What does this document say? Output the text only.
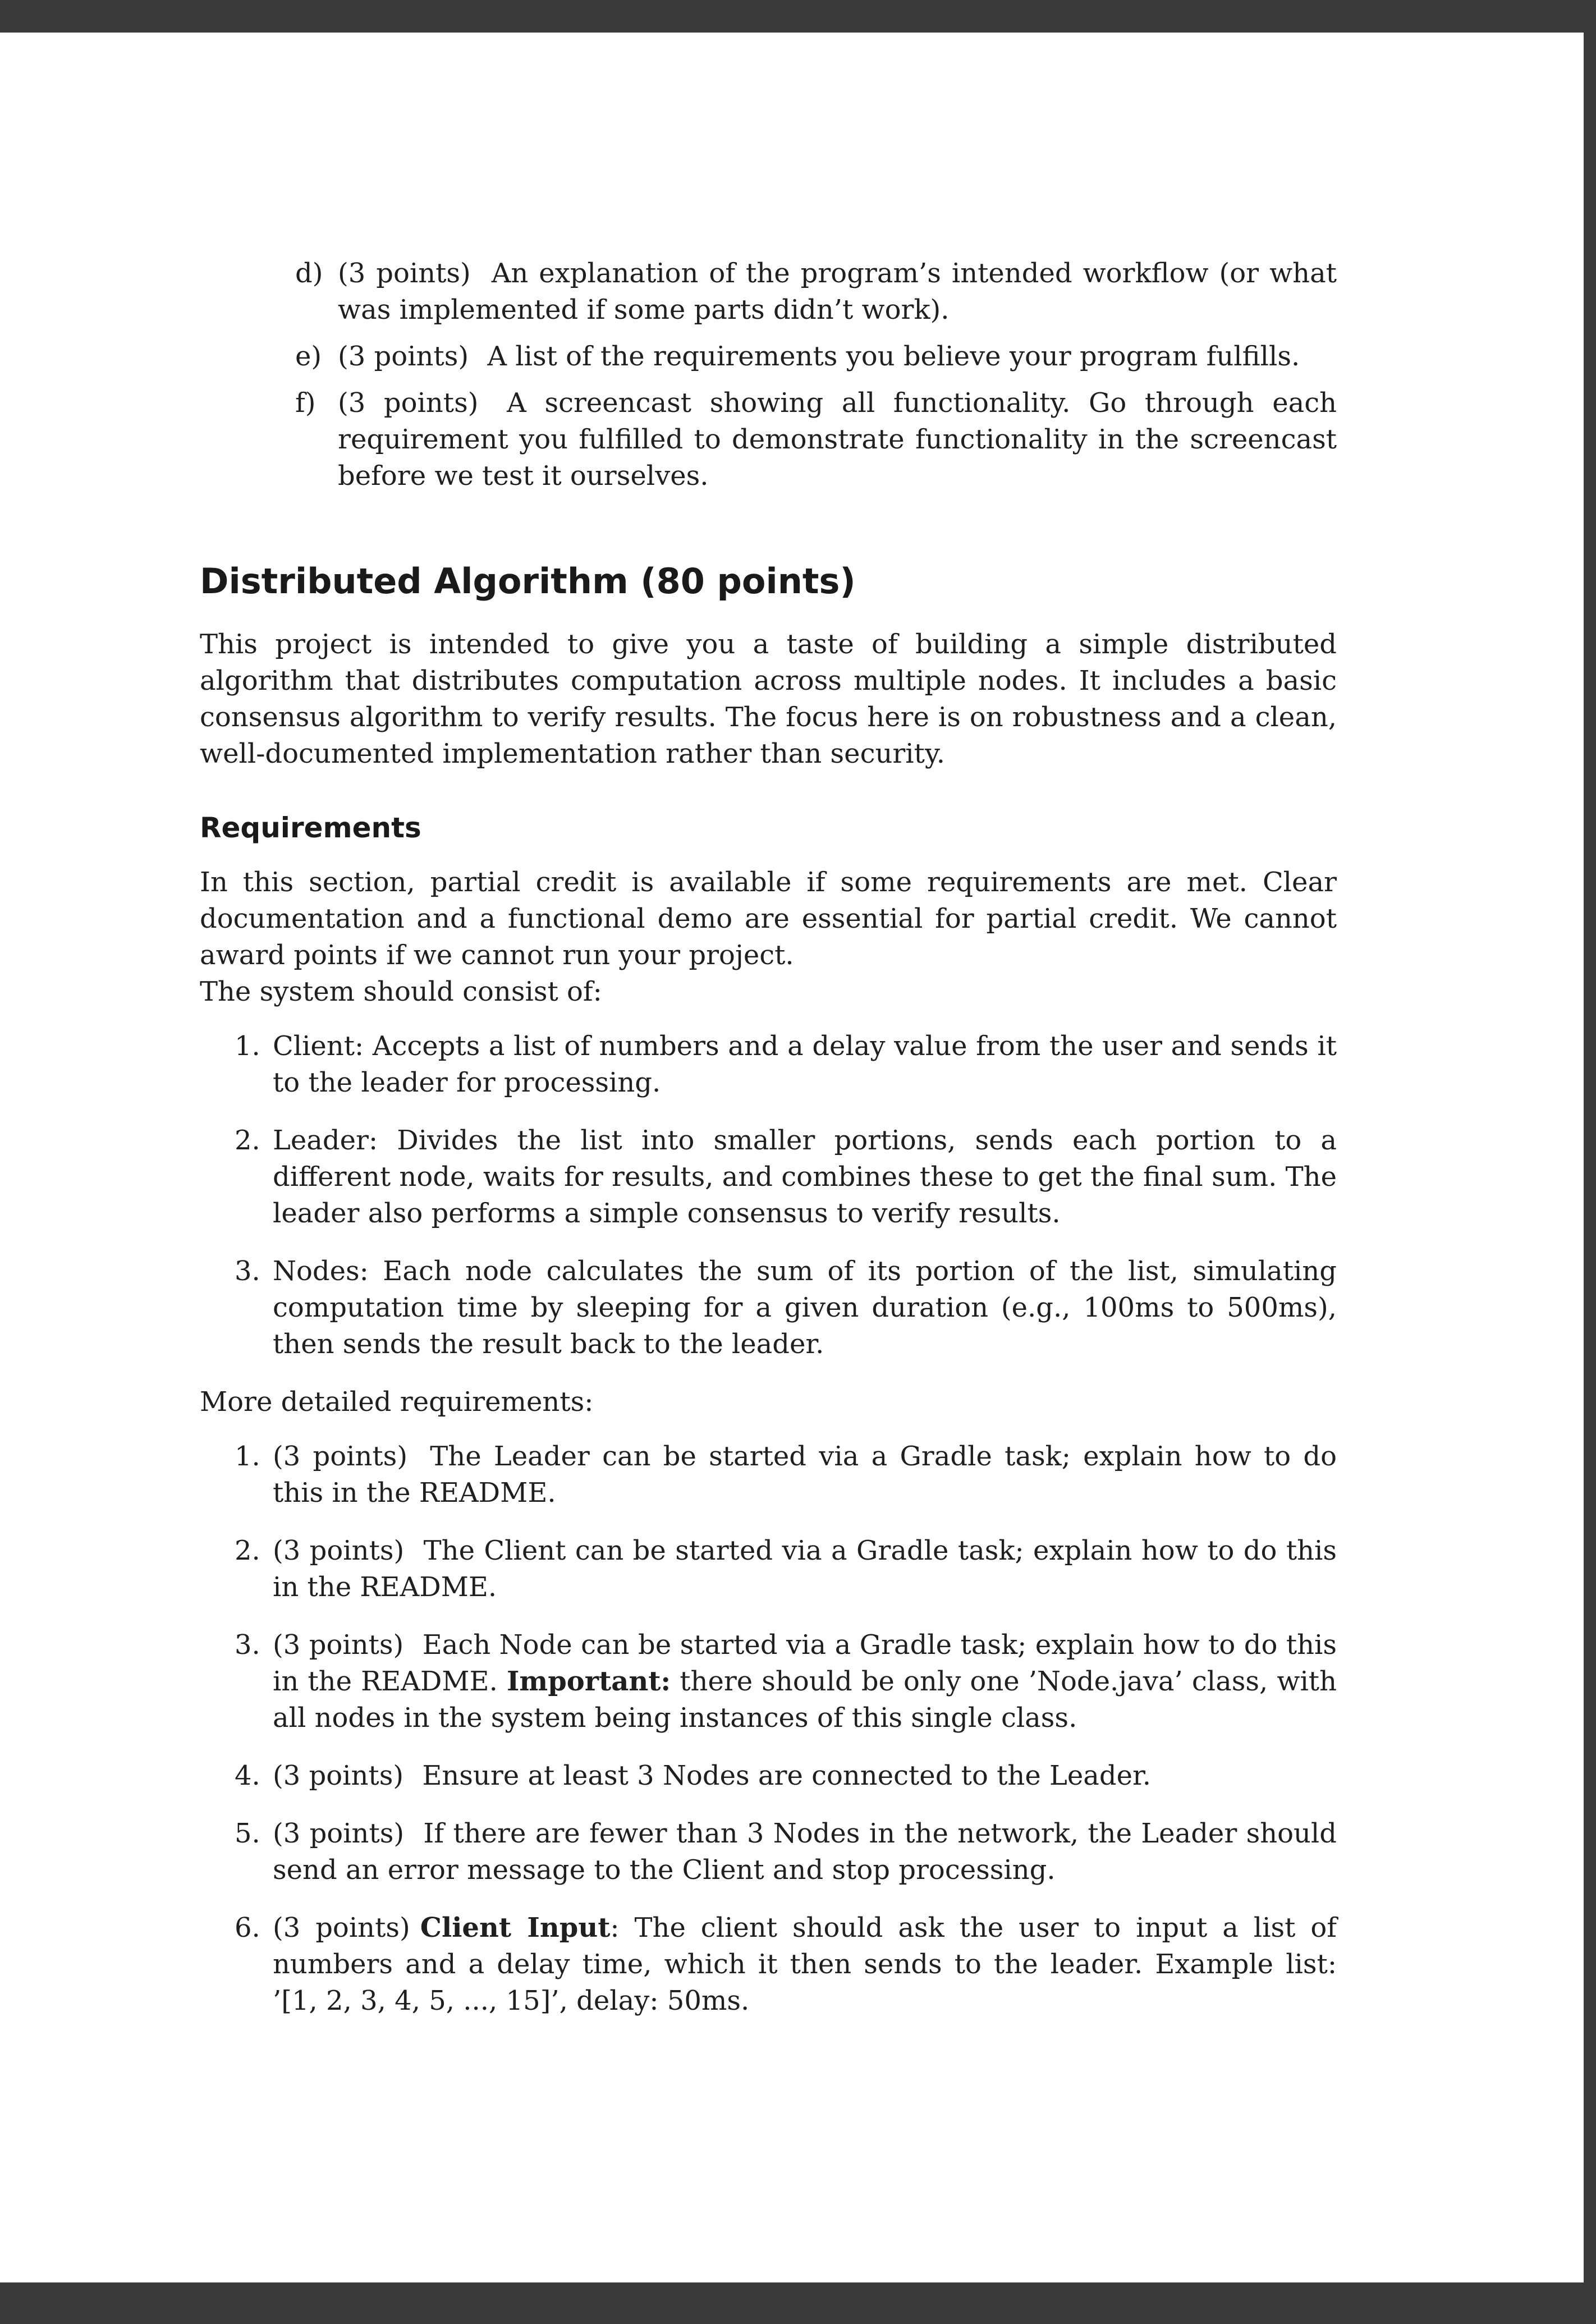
d) (3 points) An explanation of the program’s intended workflow (or what was implemented if some parts didn’t work).
e) (3 points) A list of the requirements you believe your program fulfills.
f) (3 points) A screencast showing all functionality. Go through each requirement you fulfilled to demonstrate functionality in the screencast before we test it ourselves.
Distributed Algorithm (80 points)

This project is intended to give you a taste of building a simple distributed algorithm that distributes computation across multiple nodes. It includes a basic consensus algorithm to verify results. The focus here is on robustness and a clean, well-documented implementation rather than security.

Requirements

In this section, partial credit is available if some requirements are met. Clear documentation and a functional demo are essential for partial credit. We cannot award points if we cannot run your project.

The system should consist of:

1. Client: Accepts a list of numbers and a delay value from the user and sends it to the leader for processing.
2. Leader: Divides the list into smaller portions, sends each portion to a different node, waits for results, and combines these to get the final sum. The leader also performs a simple consensus to verify results.
3. Nodes: Each node calculates the sum of its portion of the list, simulating computation time by sleeping for a given duration (e.g., 100ms to 500ms), then sends the result back to the leader.

More detailed requirements:

1. (3 points) The Leader can be started via a Gradle task; explain how to do this in the README.
2. (3 points) The Client can be started via a Gradle task; explain how to do this in the README.
3. (3 points) Each Node can be started via a Gradle task; explain how to do this in the README. Important: there should be only one ’Node.java’ class, with all nodes in the system being instances of this single class.
4. (3 points) Ensure at least 3 Nodes are connected to the Leader.
5. (3 points) If there are fewer than 3 Nodes in the network, the Leader should send an error message to the Client and stop processing.
6. (3 points) Client Input: The client should ask the user to input a list of numbers and a delay time, which it then sends to the leader. Example list: ’[1, 2, 3, 4, 5, ..., 15]’, delay: 50ms.
